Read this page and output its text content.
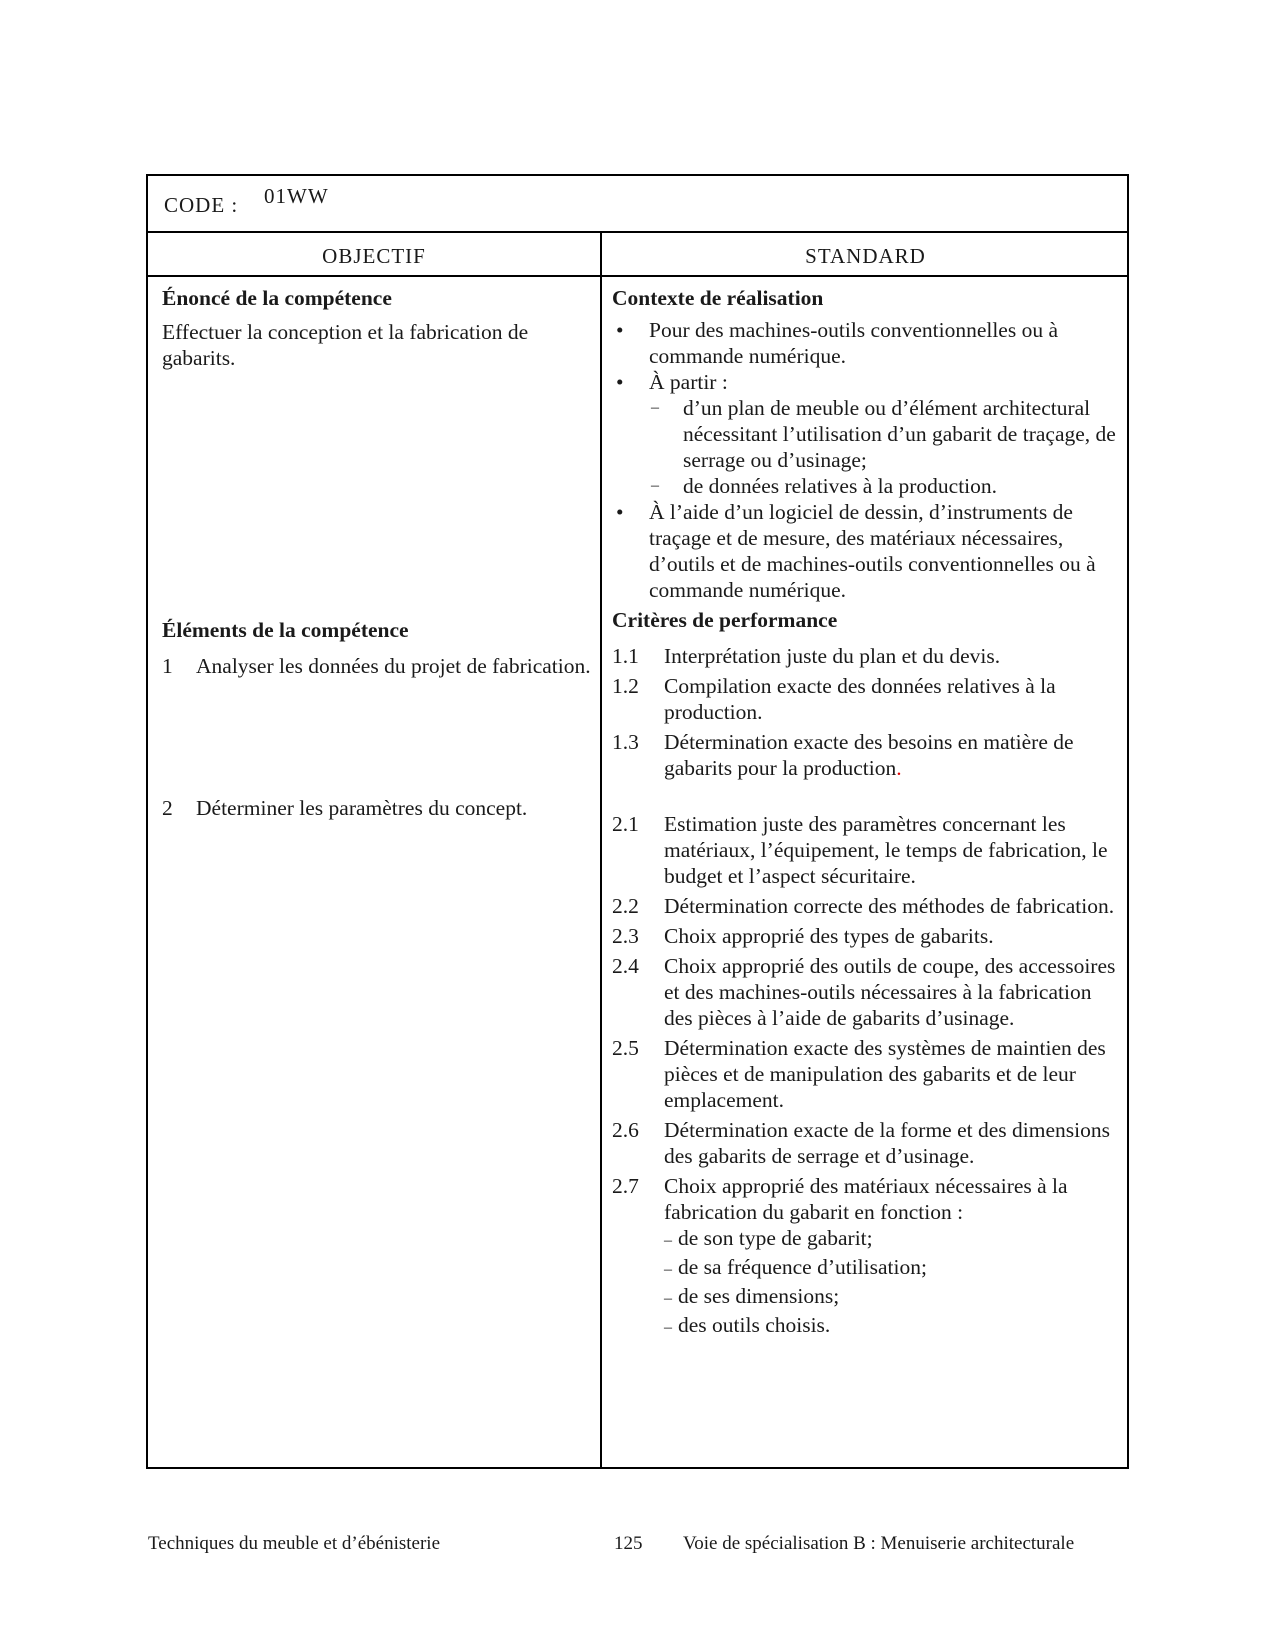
CODE : 01WW
OBJECTIF	STANDARD
Énoncé de la compétence
Effectuer la conception et la fabrication de gabarits.
Éléments de la compétence
1	Analyser les données du projet de fabrication.
2	Déterminer les paramètres du concept.
Contexte de réalisation
• Pour des machines-outils conventionnelles ou à commande numérique.
• À partir :
– d’un plan de meuble ou d’élément architectural nécessitant l’utilisation d’un gabarit de traçage, de serrage ou d’usinage;
– de données relatives à la production.
• À l’aide d’un logiciel de dessin, d’instruments de traçage et de mesure, des matériaux nécessaires, d’outils et de machines-outils conventionnelles ou à commande numérique.
Critères de performance
1.1	Interprétation juste du plan et du devis.
1.2	Compilation exacte des données relatives à la production.
1.3	Détermination exacte des besoins en matière de gabarits pour la production.
2.1	Estimation juste des paramètres concernant les matériaux, l’équipement, le temps de fabrication, le budget et l’aspect sécuritaire.
2.2	Détermination correcte des méthodes de fabrication.
2.3	Choix approprié des types de gabarits.
2.4	Choix approprié des outils de coupe, des accessoires et des machines-outils nécessaires à la fabrication des pièces à l’aide de gabarits d’usinage.
2.5	Détermination exacte des systèmes de maintien des pièces et de manipulation des gabarits et de leur emplacement.
2.6	Détermination exacte de la forme et des dimensions des gabarits de serrage et d’usinage.
2.7	Choix approprié des matériaux nécessaires à la fabrication du gabarit en fonction :
– de son type de gabarit;
– de sa fréquence d’utilisation;
– de ses dimensions;
– des outils choisis.
Techniques du meuble et d’ébénisterie	125 Voie de spécialisation B : Menuiserie architecturale
